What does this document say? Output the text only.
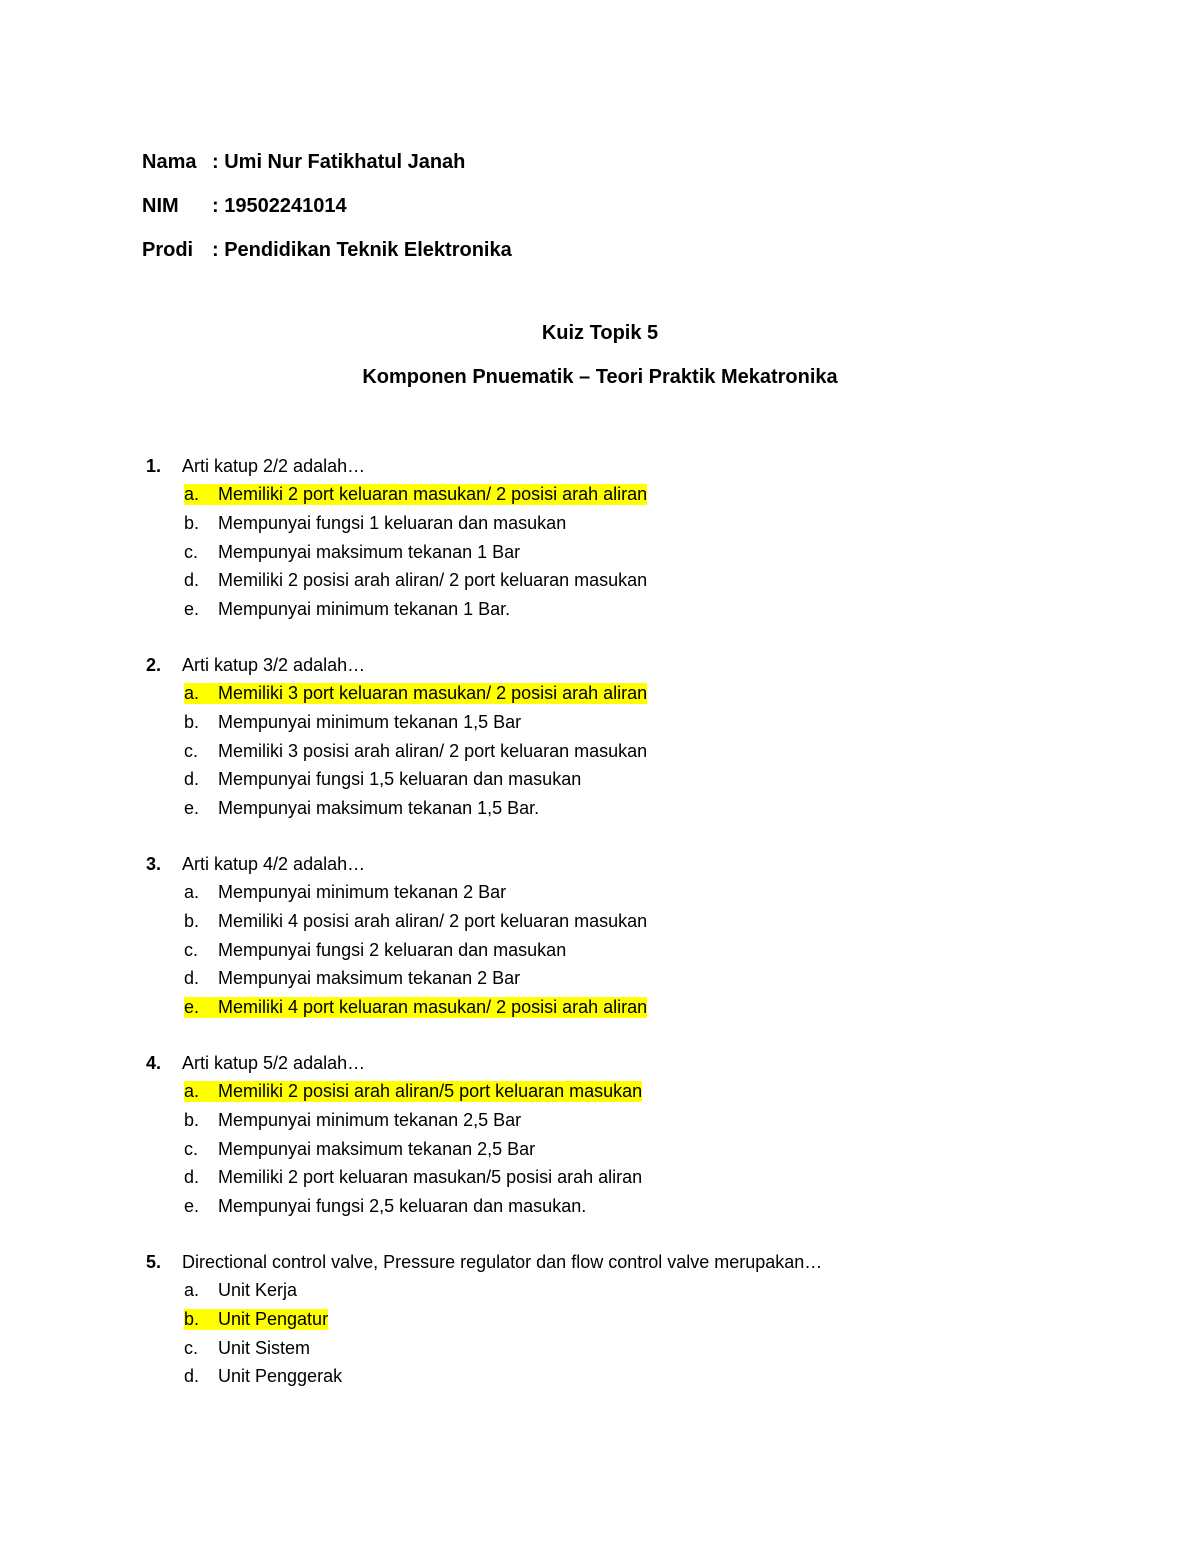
Nama : Umi Nur Fatikhatul Janah
NIM	: 19502241014
Prodi : Pendidikan Teknik Elektronika
Kuiz Topik 5
Komponen Pnuematik – Teori Praktik Mekatronika
1.	Arti katup 2/2 adalah…
a.	Memiliki 2 port keluaran masukan/ 2 posisi arah aliran
b.	Mempunyai fungsi 1 keluaran dan masukan
c.	Mempunyai maksimum tekanan 1 Bar
d.	Memiliki 2 posisi arah aliran/ 2 port keluaran masukan
e.	Mempunyai minimum tekanan 1 Bar.
2.	Arti katup 3/2 adalah…
a.	Memiliki 3 port keluaran masukan/ 2 posisi arah aliran
b.	Mempunyai minimum tekanan 1,5 Bar
c.	Memiliki 3 posisi arah aliran/ 2 port keluaran masukan
d.	Mempunyai fungsi 1,5 keluaran dan masukan
e.	Mempunyai maksimum tekanan 1,5 Bar.
3.	Arti katup 4/2 adalah…
a.	Mempunyai minimum tekanan 2 Bar
b.	Memiliki 4 posisi arah aliran/ 2 port keluaran masukan
c.	Mempunyai fungsi 2 keluaran dan masukan
d.	Mempunyai maksimum tekanan 2 Bar
e.	Memiliki 4 port keluaran masukan/ 2 posisi arah aliran
4.	Arti katup 5/2 adalah…
a.	Memiliki 2 posisi arah aliran/5 port keluaran masukan
b.	Mempunyai minimum tekanan 2,5 Bar
c.	Mempunyai maksimum tekanan 2,5 Bar
d.	Memiliki 2 port keluaran masukan/5 posisi arah aliran
e.	Mempunyai fungsi 2,5 keluaran dan masukan.
5.	Directional control valve, Pressure regulator dan flow control valve merupakan…
a.	Unit Kerja
b.	Unit Pengatur
c.	Unit Sistem
d.	Unit Penggerak
